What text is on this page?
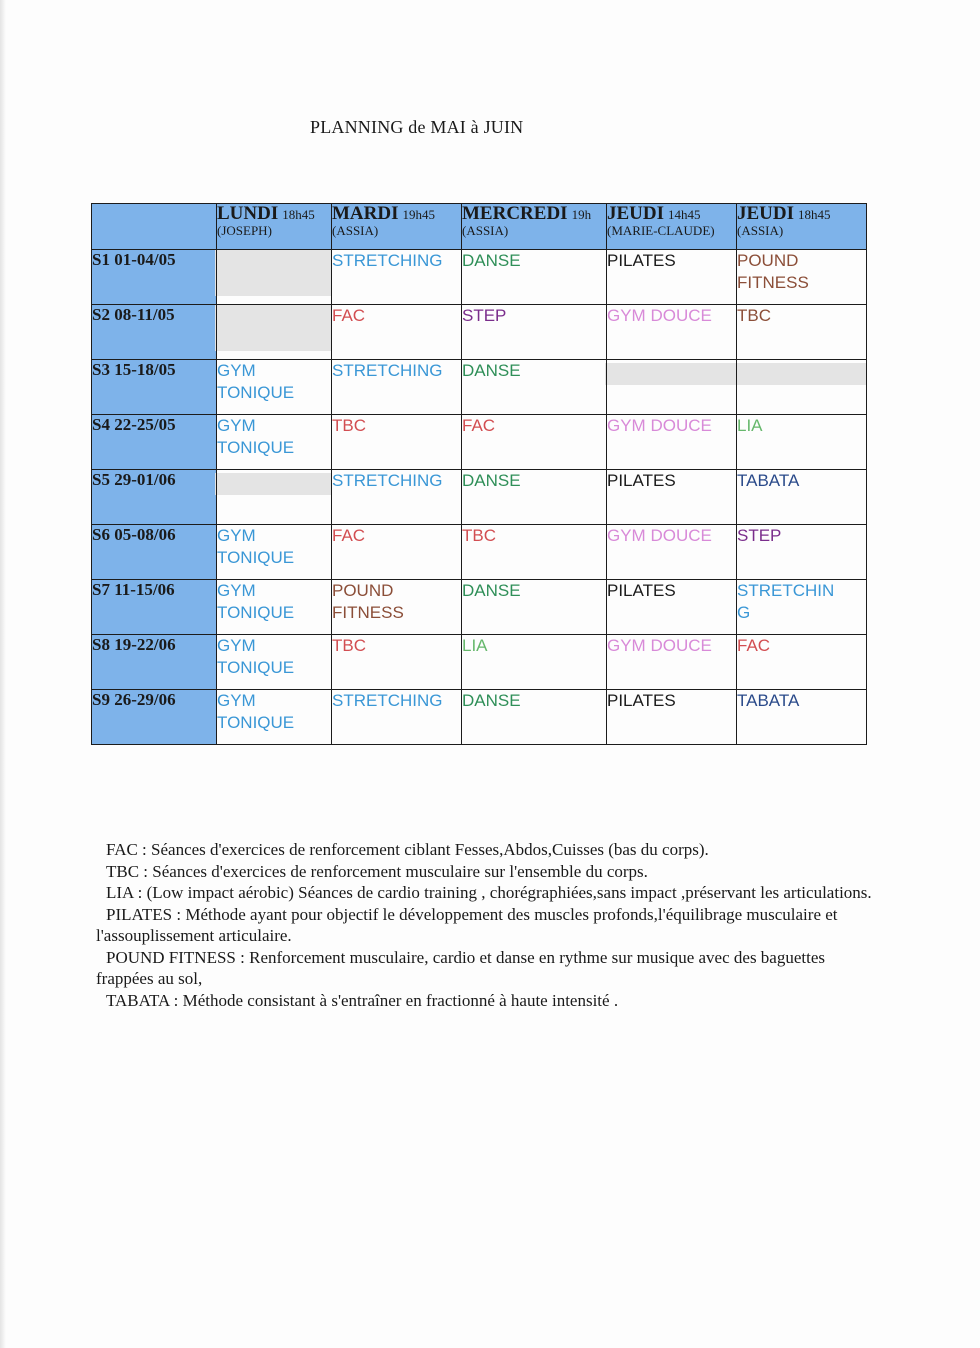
PLANNING de MAI à JUIN
	LUNDI 18h45
(JOSEPH)	MARDI 19h45
(ASSIA)	MERCREDI 19h
(ASSIA)	JEUDI 14h45
(MARIE-CLAUDE)	JEUDI 18h45
(ASSIA)

S1 01-04/05		STRETCHING	DANSE	PILATES	POUND
FITNESS
S2 08-11/05		FAC	STEP	GYM DOUCE	TBC
S3 15-18/05	GYM
TONIQUE	STRETCHING	DANSE	

S4 22-25/05	GYM
TONIQUE	TBC	FAC	GYM DOUCE	LIA
S5 29-01/06		STRETCHING	DANSE	PILATES	TABATA
S6 05-08/06	GYM
TONIQUE	FAC	TBC	GYM DOUCE	STEP
S7 11-15/06	GYM
TONIQUE	POUND
FITNESS	DANSE	PILATES	STRETCHIN
G
S8 19-22/06	GYM
TONIQUE	TBC	LIA	GYM DOUCE	FAC
S9 26-29/06	GYM
TONIQUE	STRETCHING	DANSE	PILATES	TABATA

FAC : Séances d'exercices de renforcement ciblant Fesses,Abdos,Cuisses (bas du corps).

TBC : Séances d'exercices de renforcement musculaire sur l'ensemble du corps.

LIA : (Low impact aérobic) Séances de cardio training , chorégraphiées,sans impact ,préservant les articulations.

PILATES : Méthode ayant pour objectif le développement des muscles profonds,l'équilibrage musculaire et l'assouplissement articulaire.

POUND FITNESS : Renforcement musculaire, cardio et danse en rythme sur musique avec des baguettes frappées au sol,

TABATA : Méthode consistant à s'entraîner en fractionné à haute intensité .
